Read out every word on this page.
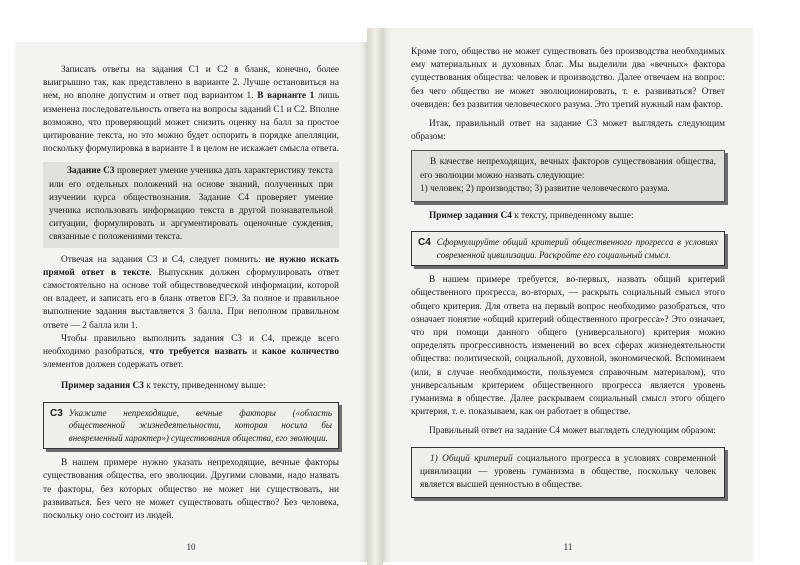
Записать ответы на задания С1 и С2 в бланк, конечно, более выигрышно так, как представлено в варианте 2. Лучше остановиться на нем, но вполне допустим и ответ под вариантом 1. В варианте 1 лишь изменена последовательность ответа на вопросы заданий С1 и С2. Вполне возможно, что проверяющий может снизить оценку на балл за простое цитирование текста, но это можно будет оспорить в порядке апелляции, поскольку формулировка в варианте 1 в целом не искажает смысла ответа.

Задание С3 проверяет умение ученика дать характеристику текста или его отдельных положений на основе знаний, полученных при изучении курса обществознания. Задание С4 проверяет умение ученика использовать информацию текста в другой познавательной ситуации, формулировать и аргументировать оценочные суждения, связанные с положениями текста.

Отвечая на задания С3 и С4, следует помнить: не нужно искать прямой ответ в тексте. Выпускник должен сформулировать ответ самостоятельно на основе той обществоведческой информации, которой он владеет, и записать его в бланк ответов ЕГЭ. За полное и правильное выполнение задания выставляется 3 балла. При неполном правильном ответе — 2 балла или 1.

Чтобы правильно выполнить задания С3 и С4, прежде всего необходимо разобраться, что требуется назвать и какое количество элементов должен содержать ответ.

Пример задания С3 к тексту, приведенному выше:

С3 Укажите непреходящие, вечные факторы («область общественной жизнедеятельности, которая носила бы вневременный характер») существования общества, его эволюции.

В нашем примере нужно указать непреходящие, вечные факторы существования общества, его эволюции. Другими словами, надо назвать те факторы, без которых общество не может ни существовать, ни развиваться. Без чего не может существовать общество? Без человека, поскольку оно состоит из людей.

10

Кроме того, общество не может существовать без производства необходимых ему материальных и духовных благ. Мы выделили два «вечных» фактора существования общества: человек и производство. Далее отвечаем на вопрос: без чего общество не может эволюционировать, т. е. развиваться? Ответ очевиден: без развития человеческого разума. Это третий нужный нам фактор.

Итак, правильный ответ на задание С3 может выглядеть следующим образом:

В качестве непреходящих, вечных факторов существования общества, его эволюции можно назвать следующие:

1) человек; 2) производство; 3) развитие человеческого разума.

Пример задания С4 к тексту, приведенному выше:

С4 Сформулируйте общий критерий общественного прогресса в условиях современной цивилизации. Раскройте его социальный смысл.

В нашем примере требуется, во-первых, назвать общий критерий общественного прогресса, во-вторых, — раскрыть социальный смысл этого общего критерия. Для ответа на первый вопрос необходимо разобраться, что означает понятие «общий критерий общественного прогресса»? Это означает, что при помощи данного общего (универсального) критерия можно определять прогрессивность изменений во всех сферах жизнедеятельности общества: политической, социальной, духовной, экономической. Вспоминаем (или, в случае необходимости, пользуемся справочным материалом), что универсальным критерием общественного прогресса является уровень гуманизма в обществе. Далее раскрываем социальный смысл этого общего критерия, т. е. показываем, как он работает в обществе.

Правильный ответ на задание С4 может выглядеть следующим образом:

1) Общий критерий социального прогресса в условиях современной цивилизации — уровень гуманизма в обществе, поскольку человек является высшей ценностью в обществе.

11
